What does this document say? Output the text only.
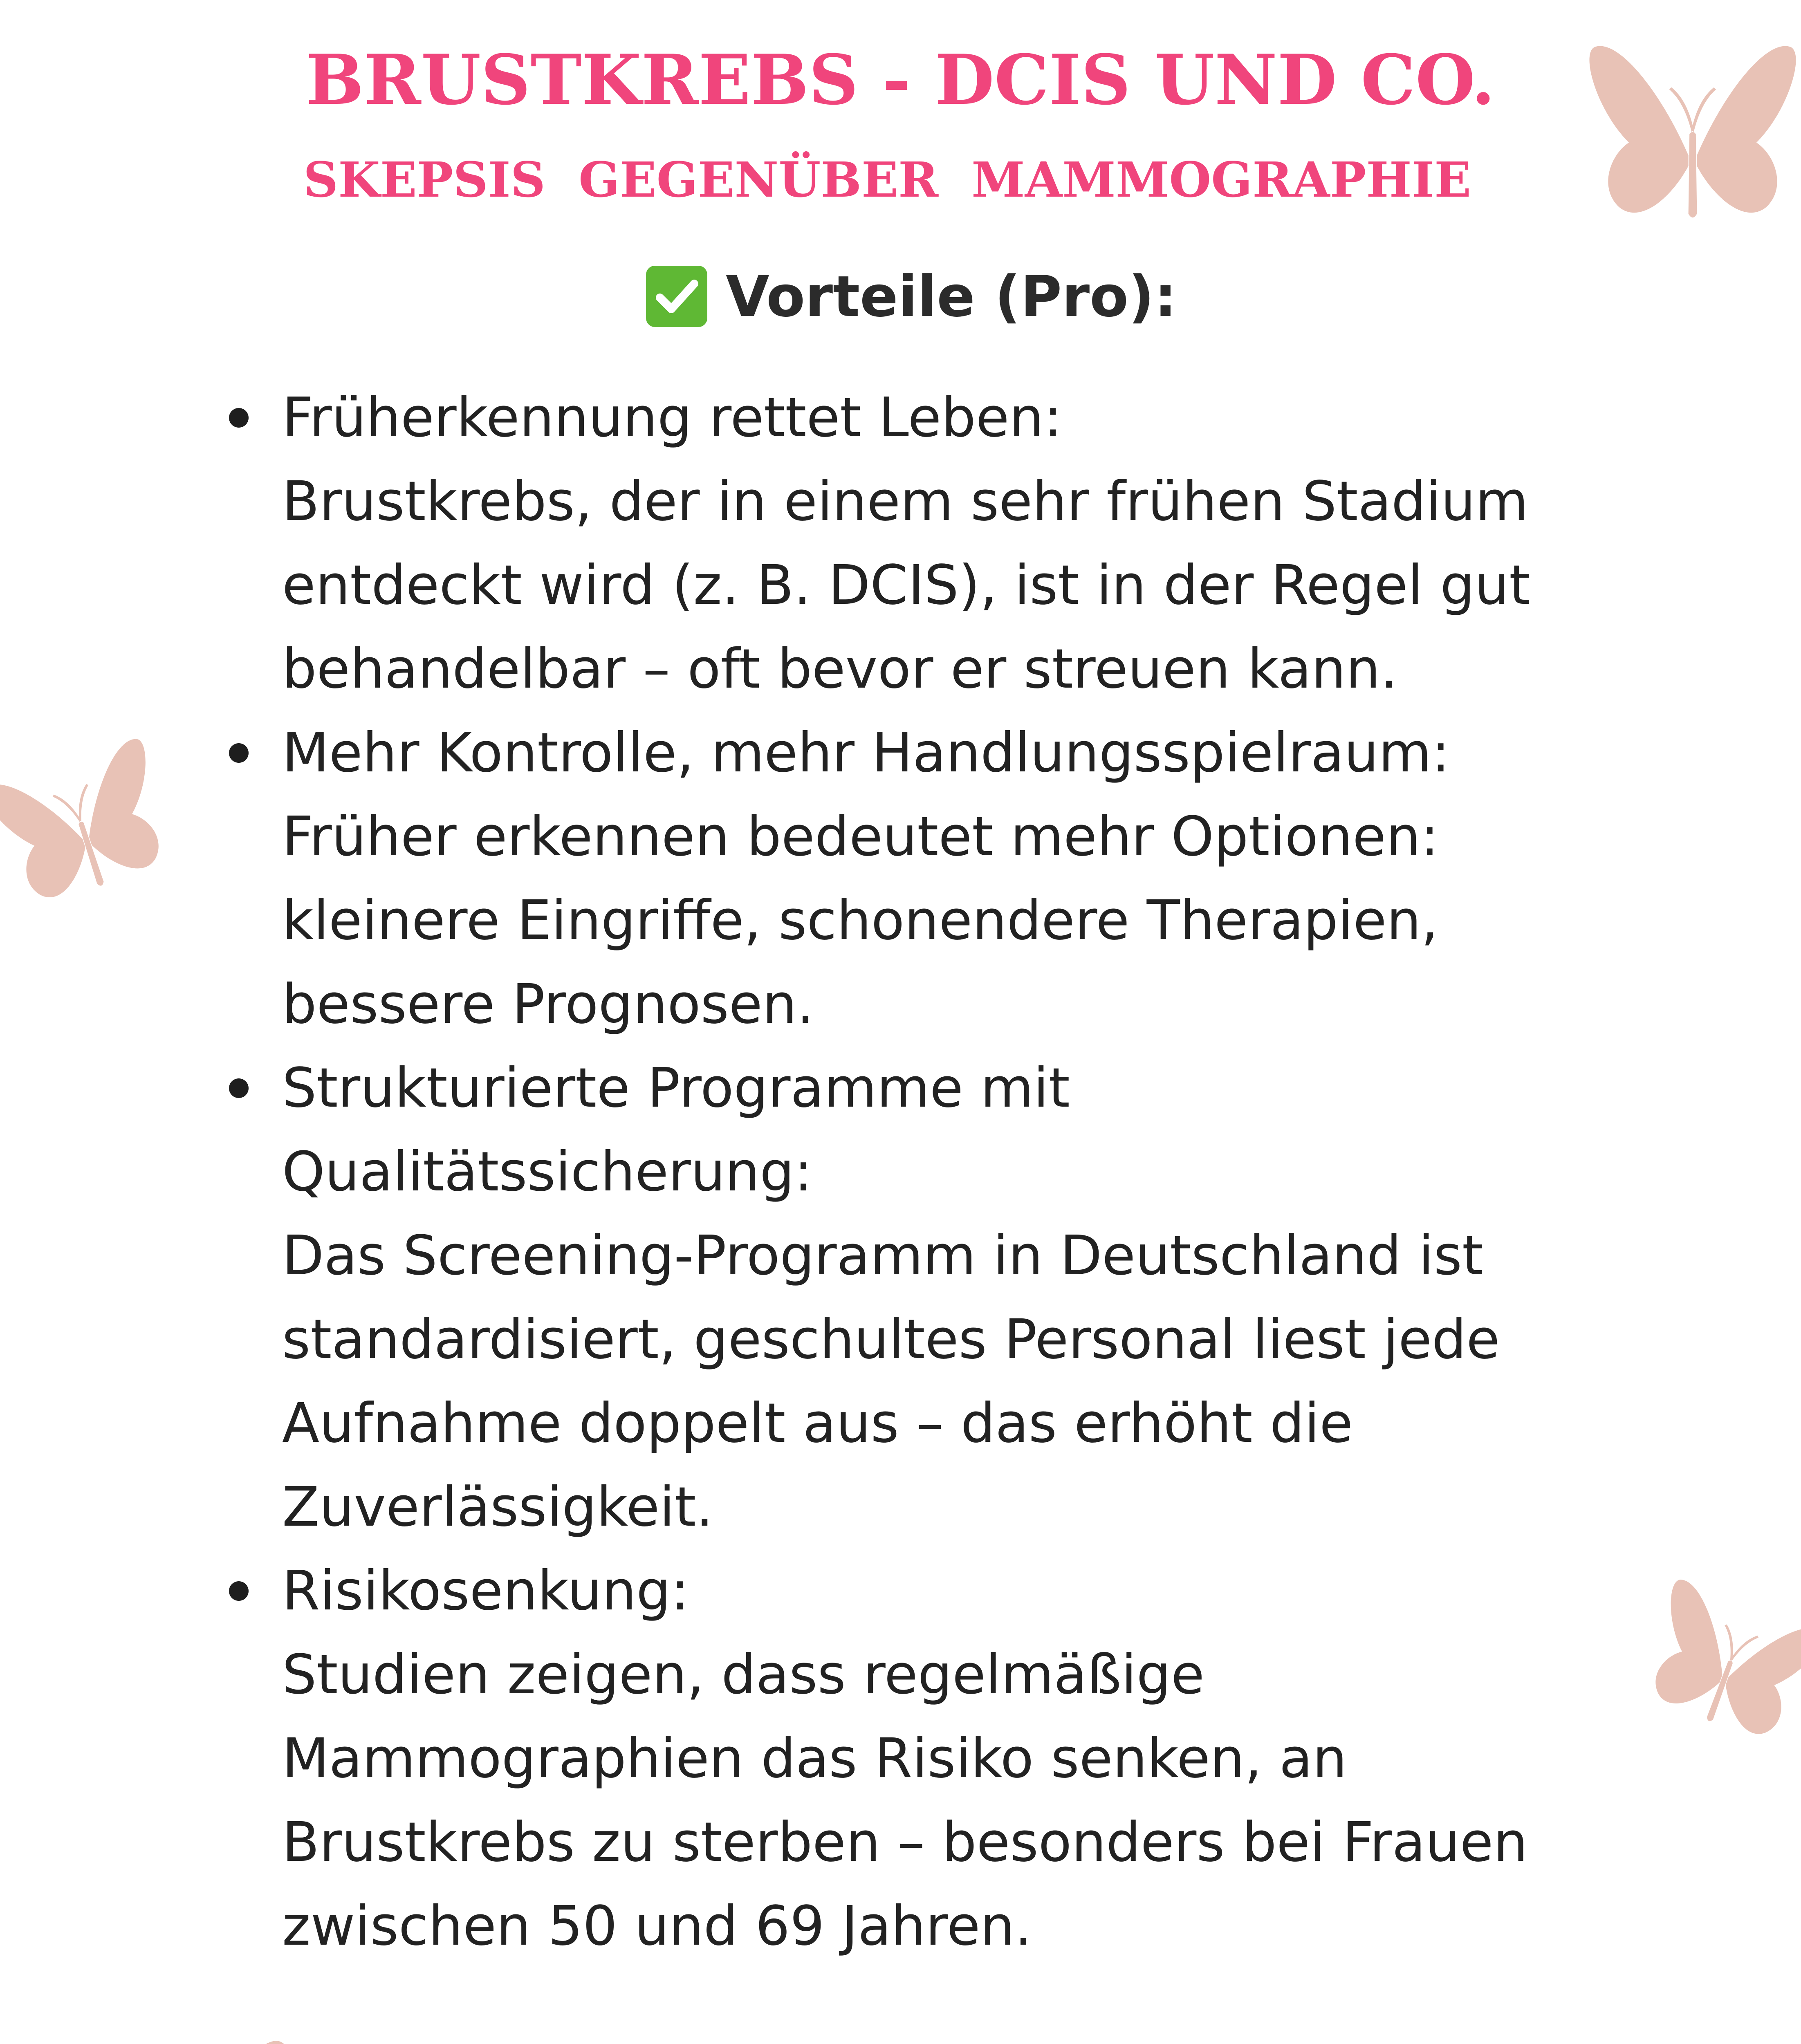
BRUSTKREBS - DCIS UND CO.
SKEPSIS GEGENÜBER MAMMOGRAPHIE
Vorteile (Pro):
Früherkennung rettet Leben:
Brustkrebs, der in einem sehr frühen Stadium entdeckt wird (z. B. DCIS), ist in der Regel gut behandelbar – oft bevor er streuen kann.
Mehr Kontrolle, mehr Handlungsspielraum:
Früher erkennen bedeutet mehr Optionen: kleinere Eingriffe, schonendere Therapien, bessere Prognosen.
Strukturierte Programme mit Qualitätssicherung:
Das Screening-Programm in Deutschland ist standardisiert, geschultes Personal liest jede Aufnahme doppelt aus – das erhöht die Zuverlässigkeit.
Risikosenkung:
Studien zeigen, dass regelmäßige Mammographien das Risiko senken, an Brustkrebs zu sterben – besonders bei Frauen zwischen 50 und 69 Jahren.
